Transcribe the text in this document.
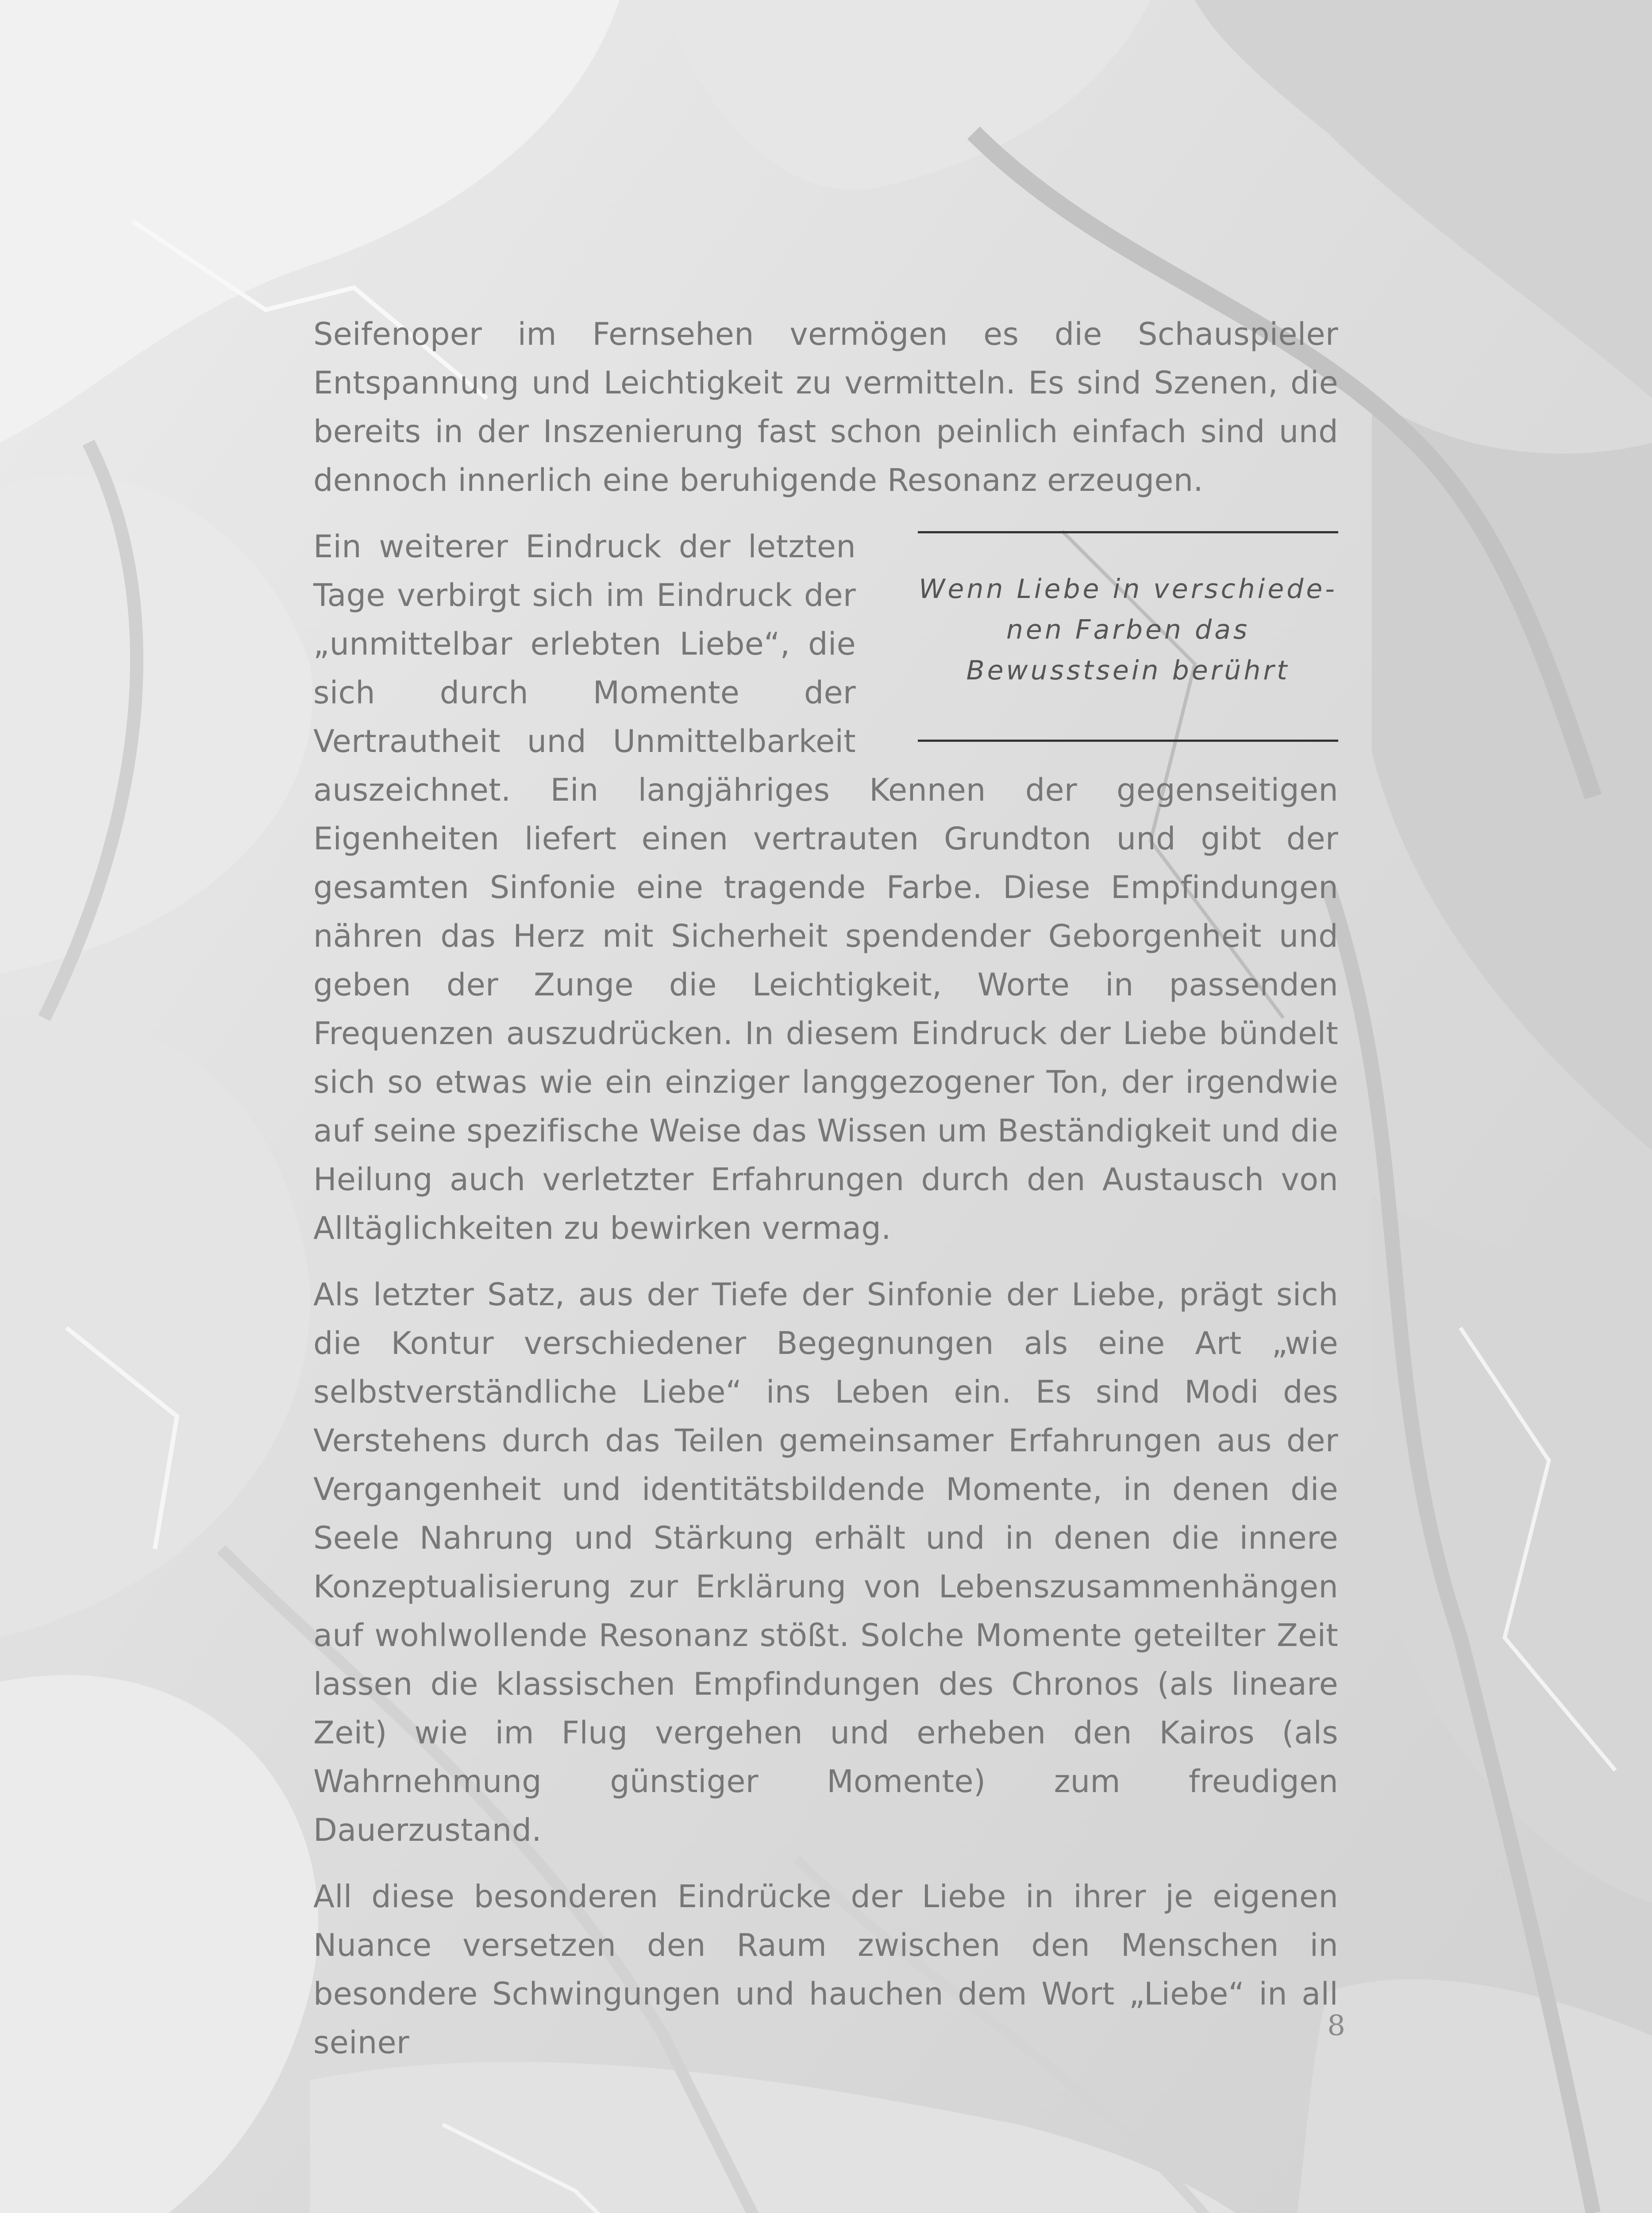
Seifenoper im Fernsehen vermögen es die Schauspieler Entspannung und Leichtigkeit zu vermitteln. Es sind Szenen, die bereits in der Inszenierung fast schon peinlich einfach sind und dennoch innerlich eine beruhigende Resonanz erzeugen.

Wenn Liebe in verschiede-
nen Farben das
Bewusstsein berührt

Ein weiterer Eindruck der letzten Tage verbirgt sich im Eindruck der „unmittelbar erlebten Liebe“, die sich durch Momente der Vertrautheit und Unmittelbarkeit auszeichnet. Ein langjähriges Kennen der gegenseitigen Eigenheiten liefert einen vertrauten Grundton und gibt der gesamten Sinfonie eine tragende Farbe. Diese Empfindungen nähren das Herz mit Sicherheit spendender Geborgenheit und geben der Zunge die Leichtigkeit, Worte in passenden Frequenzen auszudrücken. In diesem Eindruck der Liebe bündelt sich so etwas wie ein einziger langgezogener Ton, der irgendwie auf seine spezifische Weise das Wissen um Beständigkeit und die Heilung auch verletzter Erfahrungen durch den Austausch von Alltäglichkeiten zu bewirken vermag.

Als letzter Satz, aus der Tiefe der Sinfonie der Liebe, prägt sich die Kontur verschiedener Begegnungen als eine Art „wie selbstverständliche Liebe“ ins Leben ein. Es sind Modi des Verstehens durch das Teilen gemeinsamer Erfahrungen aus der Vergangenheit und identitätsbildende Momente, in denen die Seele Nahrung und Stärkung erhält und in denen die innere Konzeptualisierung zur Erklärung von Lebenszusammenhängen auf wohlwollende Resonanz stößt. Solche Momente geteilter Zeit lassen die klassischen Empfindungen des Chronos (als lineare Zeit) wie im Flug vergehen und erheben den Kairos (als Wahrnehmung günstiger Momente) zum freudigen Dauerzustand.

All diese besonderen Eindrücke der Liebe in ihrer je eigenen Nuance versetzen den Raum zwischen den Menschen in besondere Schwingungen und hauchen dem Wort „Liebe“ in all seiner	8
